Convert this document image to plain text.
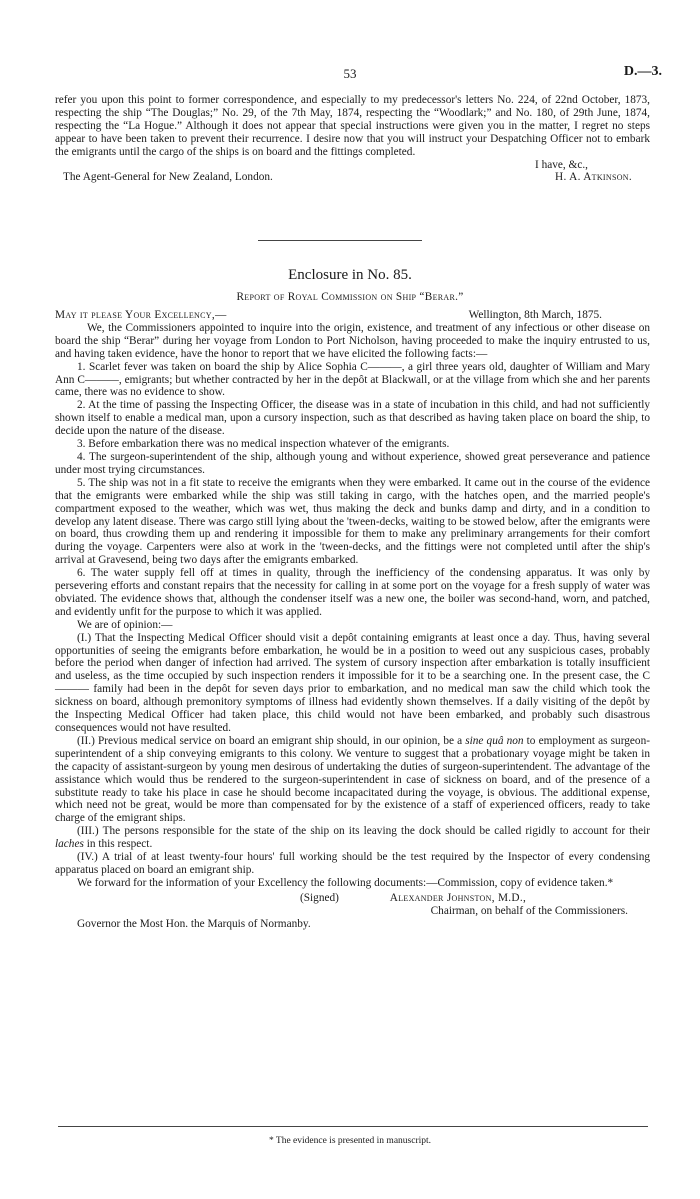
53	D.—3.

refer you upon this point to former correspondence, and especially to my predecessor's letters No. 224, of 22nd October, 1873, respecting the ship “The Douglas;” No. 29, of the 7th May, 1874, respecting the “Woodlark;” and No. 180, of 29th June, 1874, respecting the “La Hogue.” Although it does not appear that special instructions were given you in the matter, I regret no steps appear to have been taken to prevent their recurrence. I desire now that you will instruct your Despatching Officer not to embark the emigrants until the cargo of the ships is on board and the fittings completed.

I have, &c.,

The Agent-General for New Zealand, London.	H. A. Atkinson.
Enclosure in No. 85.
Report of Royal Commission on Ship “Berar.”
May it please Your Excellency,—	Wellington, 8th March, 1875.

We, the Commissioners appointed to inquire into the origin, existence, and treatment of any infectious or other disease on board the ship “Berar” during her voyage from London to Port Nicholson, having proceeded to make the inquiry entrusted to us, and having taken evidence, have the honor to report that we have elicited the following facts:—

1. Scarlet fever was taken on board the ship by Alice Sophia C———, a girl three years old, daughter of William and Mary Ann C———, emigrants; but whether contracted by her in the depôt at Blackwall, or at the village from which she and her parents came, there was no evidence to show.

2. At the time of passing the Inspecting Officer, the disease was in a state of incubation in this child, and had not sufficiently shown itself to enable a medical man, upon a cursory inspection, such as that described as having taken place on board the ship, to decide upon the nature of the disease.

3. Before embarkation there was no medical inspection whatever of the emigrants.

4. The surgeon-superintendent of the ship, although young and without experience, showed great perseverance and patience under most trying circumstances.

5. The ship was not in a fit state to receive the emigrants when they were embarked. It came out in the course of the evidence that the emigrants were embarked while the ship was still taking in cargo, with the hatches open, and the married people's compartment exposed to the weather, which was wet, thus making the deck and bunks damp and dirty, and in a condition to develop any latent disease. There was cargo still lying about the 'tween-decks, waiting to be stowed below, after the emigrants were on board, thus crowding them up and rendering it impossible for them to make any preliminary arrangements for their comfort during the voyage. Carpenters were also at work in the 'tween-decks, and the fittings were not completed until after the ship's arrival at Gravesend, being two days after the emigrants embarked.

6. The water supply fell off at times in quality, through the inefficiency of the condensing apparatus. It was only by persevering efforts and constant repairs that the necessity for calling in at some port on the voyage for a fresh supply of water was obviated. The evidence shows that, although the condenser itself was a new one, the boiler was second-hand, worn, and patched, and evidently unfit for the purpose to which it was applied.

We are of opinion:—

(I.) That the Inspecting Medical Officer should visit a depôt containing emigrants at least once a day. Thus, having several opportunities of seeing the emigrants before embarkation, he would be in a position to weed out any suspicious cases, probably before the period when danger of infection had arrived. The system of cursory inspection after embarkation is totally insufficient and useless, as the time occupied by such inspection renders it impossible for it to be a searching one. In the present case, the C——— family had been in the depôt for seven days prior to embarkation, and no medical man saw the child which took the sickness on board, although premonitory symptoms of illness had evidently shown themselves. If a daily visiting of the depôt by the Inspecting Medical Officer had taken place, this child would not have been embarked, and probably such disastrous consequences would not have resulted.

(II.) Previous medical service on board an emigrant ship should, in our opinion, be a sine quâ non to employment as surgeon-superintendent of a ship conveying emigrants to this colony. We venture to suggest that a probationary voyage might be taken in the capacity of assistant-surgeon by young men desirous of undertaking the duties of surgeon-superintendent. The advantage of the assistance which would thus be rendered to the surgeon-superintendent in case of sickness on board, and of the presence of a substitute ready to take his place in case he should become incapacitated during the voyage, is obvious. The additional expense, which need not be great, would be more than compensated for by the existence of a staff of experienced officers, ready to take charge of the emigrant ships.

(III.) The persons responsible for the state of the ship on its leaving the dock should be called rigidly to account for their laches in this respect.

(IV.) A trial of at least twenty-four hours' full working should be the test required by the Inspector of every condensing apparatus placed on board an emigrant ship.

We forward for the information of your Excellency the following documents:—Commission, copy of evidence taken.*

(Signed)	Alexander Johnston, M.D.,

Chairman, on behalf of the Commissioners.

Governor the Most Hon. the Marquis of Normanby.

* The evidence is presented in manuscript.
